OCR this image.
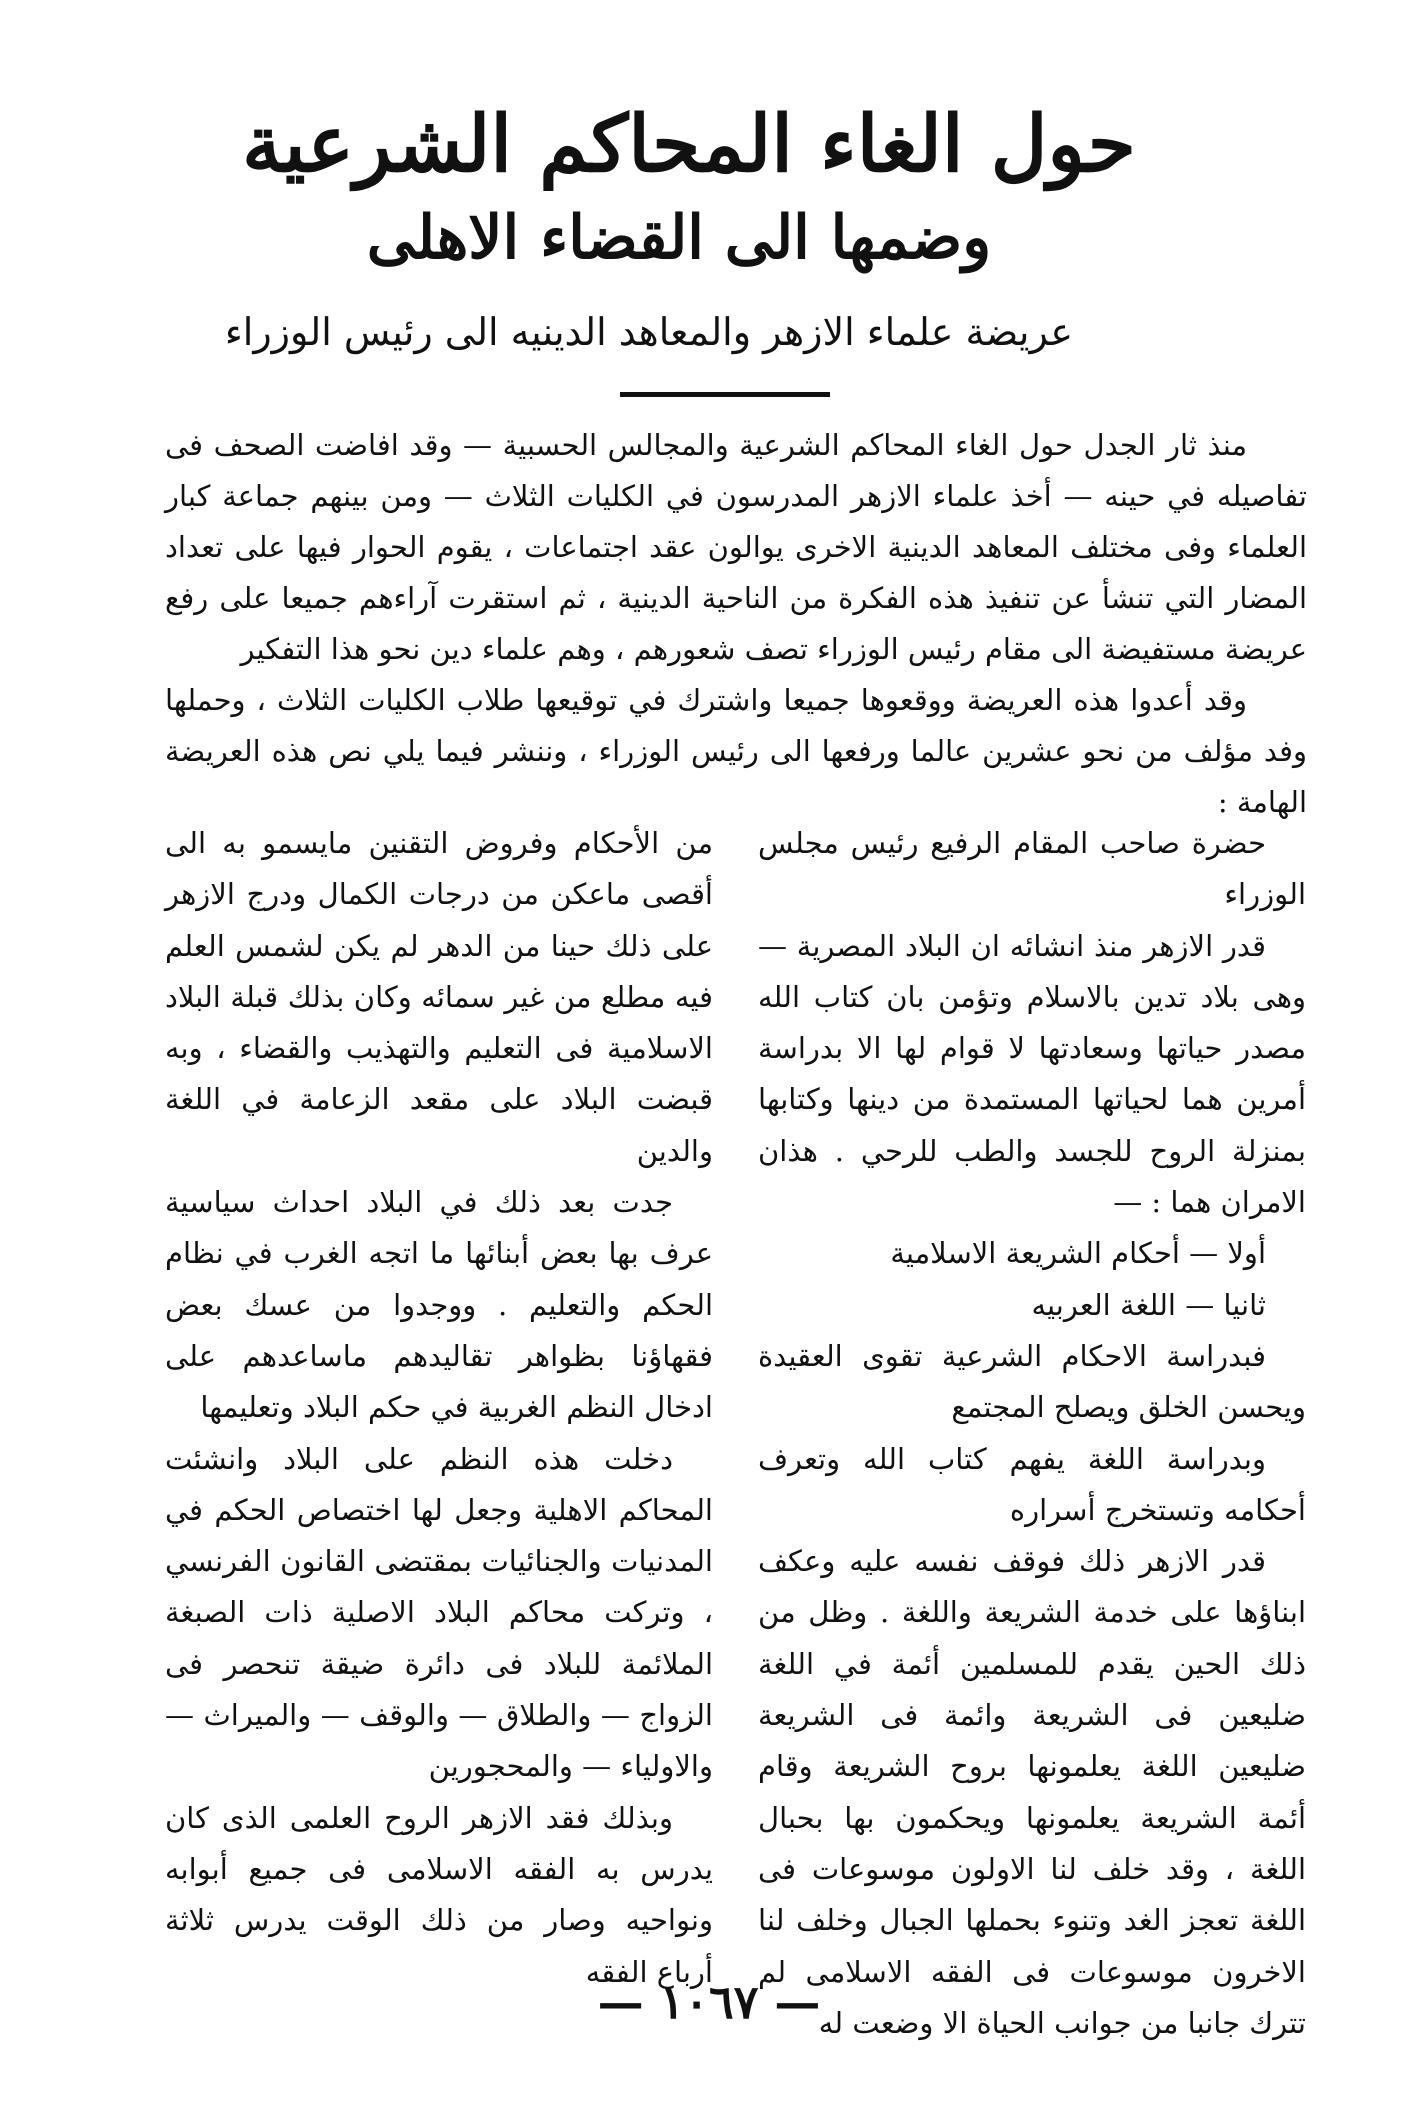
حول الغاء المحاكم الشرعية
وضمها الى القضاء الاهلى
عريضة علماء الازهر والمعاهد الدينيه الى رئيس الوزراء

منذ ثار الجدل حول الغاء المحاكم الشرعية والمجالس الحسبية — وقد افاضت الصحف فى تفاصيله في حينه — أخذ علماء الازهر المدرسون في الكليات الثلاث — ومن بينهم جماعة كبار العلماء وفى مختلف المعاهد الدينية الاخرى يوالون عقد اجتماعات ، يقوم الحوار فيها على تعداد المضار التي تنشأ عن تنفيذ هذه الفكرة من الناحية الدينية ، ثم استقرت آراءهم جميعا على رفع عريضة مستفيضة الى مقام رئيس الوزراء تصف شعورهم ، وهم علماء دين نحو هذا التفكير

وقد أعدوا هذه العريضة ووقعوها جميعا واشترك في توقيعها طلاب الكليات الثلاث ، وحملها وفد مؤلف من نحو عشرين عالما ورفعها الى رئيس الوزراء ، وننشر فيما يلي نص هذه العريضة الهامة :

حضرة صاحب المقام الرفيع رئيس مجلس الوزراء

قدر الازهر منذ انشائه ان البلاد المصرية — وهى بلاد تدين بالاسلام وتؤمن بان كتاب الله مصدر حياتها وسعادتها لا قوام لها الا بدراسة أمرين هما لحياتها المستمدة من دينها وكتابها بمنزلة الروح للجسد والطب للرحي . هذان الامران هما : —

أولا — أحكام الشريعة الاسلامية

ثانيا — اللغة العربيه

فبدراسة الاحكام الشرعية تقوى العقيدة ويحسن الخلق ويصلح المجتمع

وبدراسة اللغة يفهم كتاب الله وتعرف أحكامه وتستخرج أسراره

قدر الازهر ذلك فوقف نفسه عليه وعكف ابناؤها على خدمة الشريعة واللغة . وظل من ذلك الحين يقدم للمسلمين أئمة في اللغة ضليعين فى الشريعة وائمة فى الشريعة ضليعين اللغة يعلمونها بروح الشريعة وقام أئمة الشريعة يعلمونها ويحكمون بها بحبال اللغة ، وقد خلف لنا الاولون موسوعات فى اللغة تعجز الغد وتنوء بحملها الجبال وخلف لنا الاخرون موسوعات فى الفقه الاسلامى لم تترك جانبا من جوانب الحياة الا وضعت له

من الأحكام وفروض التقنين مايسمو به الى أقصى ماعكن من درجات الكمال ودرج الازهر على ذلك حينا من الدهر لم يكن لشمس العلم فيه مطلع من غير سمائه وكان بذلك قبلة البلاد الاسلامية فى التعليم والتهذيب والقضاء ، وبه قبضت البلاد على مقعد الزعامة في اللغة والدين

جدت بعد ذلك في البلاد احداث سياسية عرف بها بعض أبنائها ما اتجه الغرب في نظام الحكم والتعليم . ووجدوا من عسك بعض فقهاؤنا بظواهر تقاليدهم ماساعدهم على ادخال النظم الغربية في حكم البلاد وتعليمها

دخلت هذه النظم على البلاد وانشئت المحاكم الاهلية وجعل لها اختصاص الحكم في المدنيات والجنائيات بمقتضى القانون الفرنسي ، وتركت محاكم البلاد الاصلية ذات الصبغة الملائمة للبلاد فى دائرة ضيقة تنحصر فى الزواج — والطلاق — والوقف — والميراث — والاولياء — والمحجورين

وبذلك فقد الازهر الروح العلمى الذى كان يدرس به الفقه الاسلامى فى جميع أبوابه ونواحيه وصار من ذلك الوقت يدرس ثلاثة أرباع الفقه

— ١٠٦٧ —
